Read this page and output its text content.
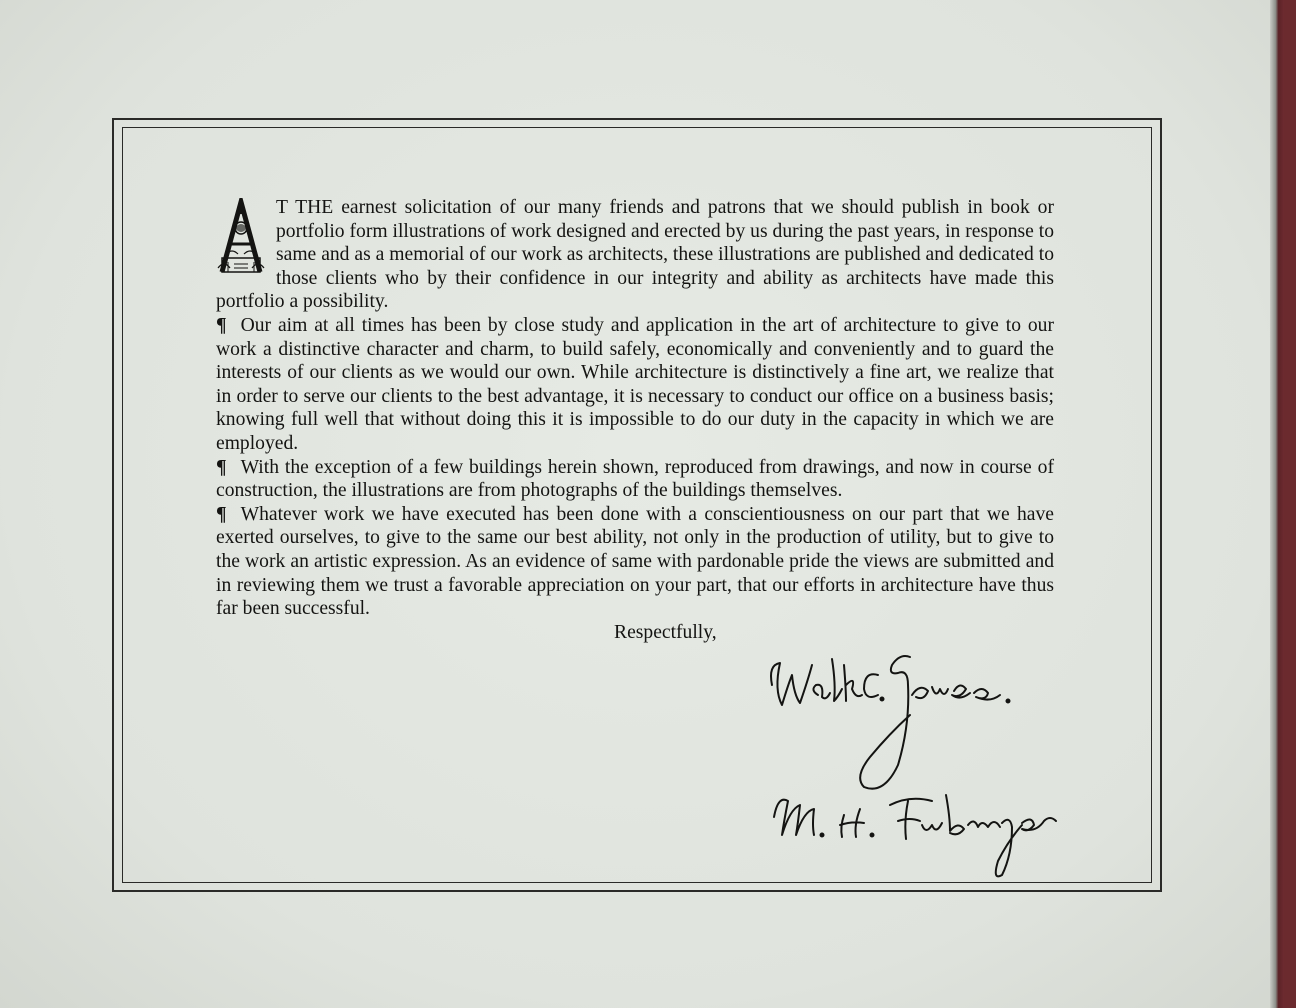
T THE earnest solicitation of our many friends and patrons that we should publish in book or portfolio form illustrations of work designed and erected by us during the past years, in response to same and as a memorial of our work as architects, these illustrations are published and dedicated to those clients who by their confidence in our integrity and ability as architects have made this portfolio a possibility.

¶ Our aim at all times has been by close study and application in the art of architecture to give to our work a distinctive character and charm, to build safely, economically and conveniently and to guard the interests of our clients as we would our own. While architecture is distinctively a fine art, we realize that in order to serve our clients to the best advantage, it is necessary to conduct our office on a business basis; knowing full well that without doing this it is impossible to do our duty in the capacity in which we are employed.

¶ With the exception of a few buildings herein shown, reproduced from drawings, and now in course of construction, the illustrations are from photographs of the buildings themselves.

¶ Whatever work we have executed has been done with a conscientiousness on our part that we have exerted ourselves, to give to the same our best ability, not only in the production of utility, but to give to the work an artistic expression. As an evidence of same with pardonable pride the views are submitted and in reviewing them we trust a favorable appreciation on your part, that our efforts in architecture have thus far been successful.

Respectfully,
